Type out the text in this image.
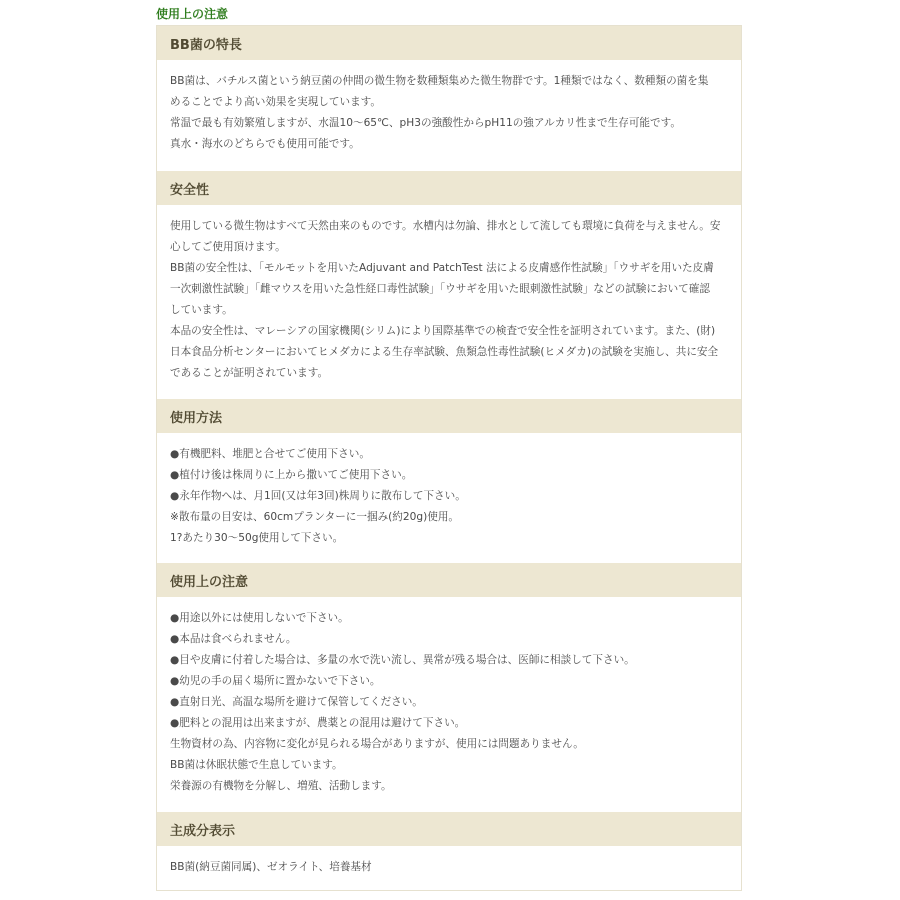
使用上の注意
BB菌の特長

BB菌は、バチルス菌という納豆菌の仲間の微生物を数種類集めた微生物群です。1種類ではなく、数種類の菌を集

めることでより高い効果を実現しています。

常温で最も有効繁殖しますが、水温10〜65℃、pH3の強酸性からpH11の強アルカリ性まで生存可能です。

真水・海水のどちらでも使用可能です。

安全性

使用している微生物はすべて天然由来のものです。水槽内は勿論、排水として流しても環境に負荷を与えません。安

心してご使用頂けます。

BB菌の安全性は、「モルモットを用いたAdjuvant and PatchTest 法による皮膚感作性試験」「ウサギを用いた皮膚

一次刺激性試験」「雌マウスを用いた急性経口毒性試験」「ウサギを用いた眼刺激性試験」などの試験において確認

しています。

本品の安全性は、マレーシアの国家機関(シリム)により国際基準での検査で安全性を証明されています。また、(財)

日本食品分析センターにおいてヒメダカによる生存率試験、魚類急性毒性試験(ヒメダカ)の試験を実施し、共に安全

であることが証明されています。

使用方法

●有機肥料、堆肥と合せてご使用下さい。

●植付け後は株周りに上から撒いてご使用下さい。

●永年作物へは、月1回(又は年3回)株周りに散布して下さい。

※散布量の目安は、60cmプランターに一掴み(約20g)使用。

1?あたり30〜50g使用して下さい。

使用上の注意

●用途以外には使用しないで下さい。

●本品は食べられません。

●目や皮膚に付着した場合は、多量の水で洗い流し、異常が残る場合は、医師に相談して下さい。

●幼児の手の届く場所に置かないで下さい。

●直射日光、高温な場所を避けて保管してください。

●肥料との混用は出来ますが、農薬との混用は避けて下さい。

生物資材の為、内容物に変化が見られる場合がありますが、使用には問題ありません。

BB菌は休眠状態で生息しています。

栄養源の有機物を分解し、増殖、活動します。

主成分表示

BB菌(納豆菌同属)、ゼオライト、培養基材
